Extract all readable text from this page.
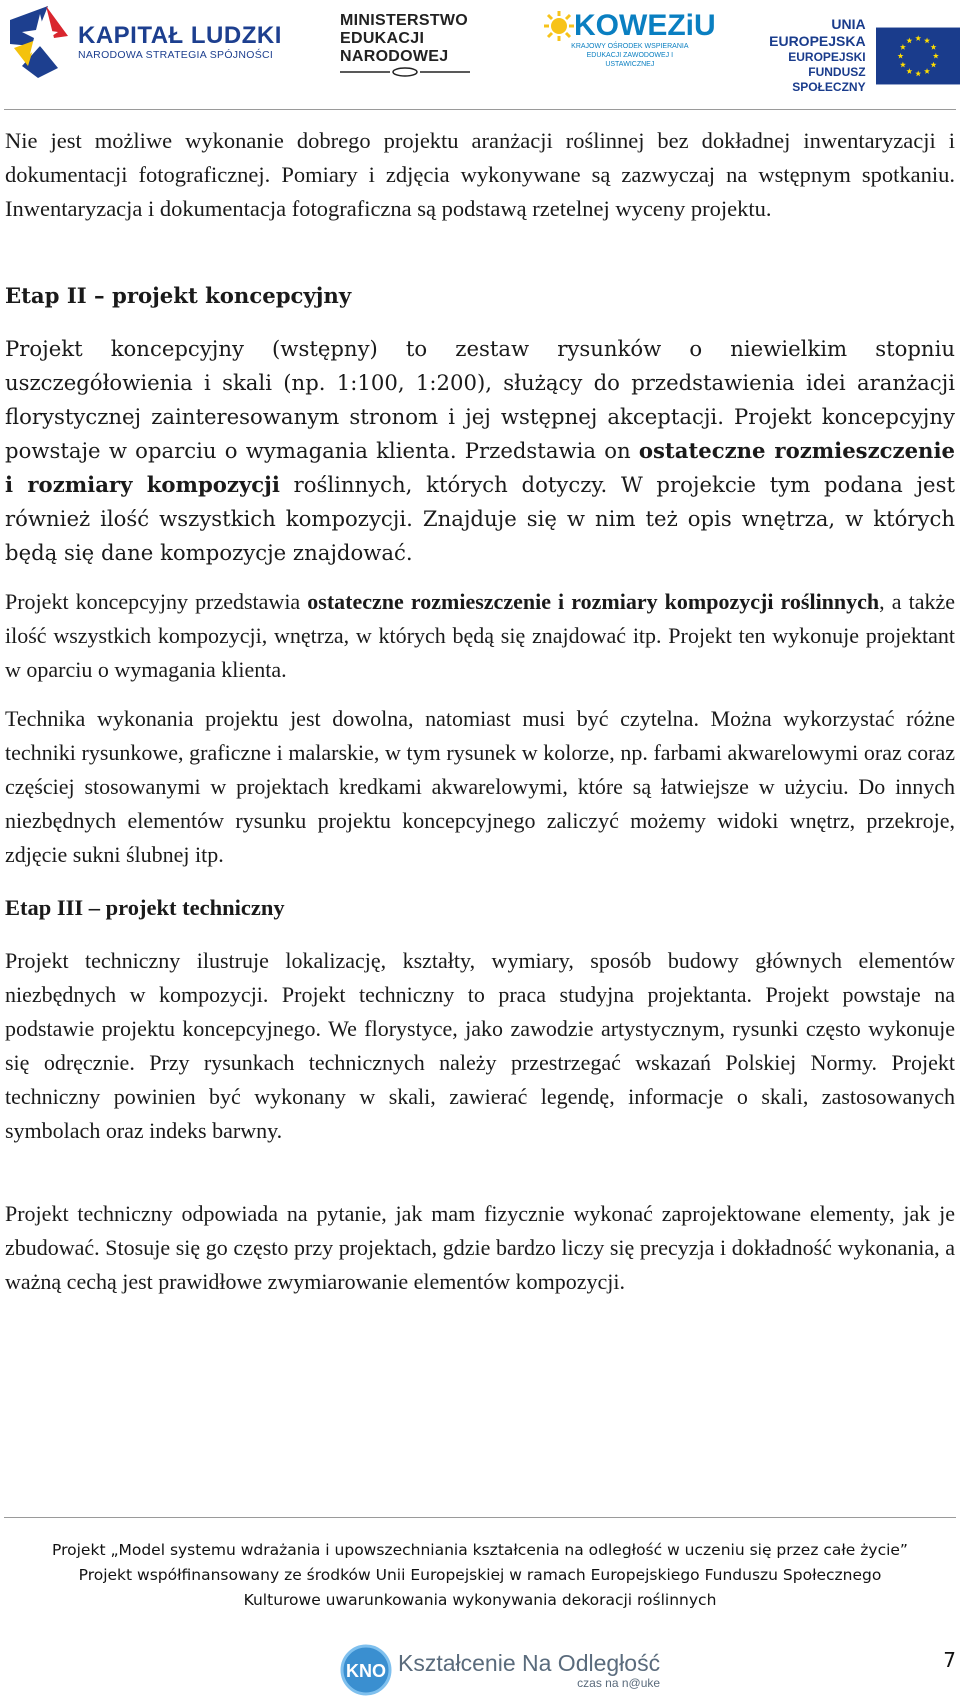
KAPITAŁ LUDZKI
NARODOWA STRATEGIA SPÓJNOŚCI
MINISTERSTWO
EDUKACJI
NARODOWEJ
KOWEZiU
KRAJOWY OŚRODEK WSPIERANIA EDUKACJI ZAWODOWEJ I USTAWICZNEJ
UNIA EUROPEJSKA
EUROPEJSKI
FUNDUSZ SPOŁECZNY

Nie jest możliwe wykonanie dobrego projektu aranżacji roślinnej bez dokładnej inwentaryzacji i dokumentacji fotograficznej. Pomiary i zdjęcia wykonywane są zazwyczaj na wstępnym spotkaniu. Inwentaryzacja i dokumentacja fotograficzna są podstawą rzetelnej wyceny projektu.

Etap II – projekt koncepcyjny

Projekt koncepcyjny (wstępny) to zestaw rysunków o niewielkim stopniu uszczegółowienia i skali (np. 1:100, 1:200), służący do przedstawienia idei aranżacji florystycznej zainteresowanym stronom i jej wstępnej akceptacji. Projekt koncepcyjny powstaje w oparciu o wymagania klienta. Przedstawia on ostateczne rozmieszczenie i rozmiary kompozycji roślinnych, których dotyczy. W projekcie tym podana jest również ilość wszystkich kompozycji. Znajduje się w nim też opis wnętrza, w których będą się dane kompozycje znajdować.

Projekt koncepcyjny przedstawia ostateczne rozmieszczenie i rozmiary kompozycji roślinnych, a także ilość wszystkich kompozycji, wnętrza, w których będą się znajdować itp. Projekt ten wykonuje projektant w oparciu o wymagania klienta.

Technika wykonania projektu jest dowolna, natomiast musi być czytelna. Można wykorzystać różne techniki rysunkowe, graficzne i malarskie, w tym rysunek w kolorze, np. farbami akwarelowymi oraz coraz częściej stosowanymi w projektach kredkami akwarelowymi, które są łatwiejsze w użyciu. Do innych niezbędnych elementów rysunku projektu koncepcyjnego zaliczyć możemy widoki wnętrz, przekroje, zdjęcie sukni ślubnej itp.

Etap III – projekt techniczny

Projekt techniczny ilustruje lokalizację, kształty, wymiary, sposób budowy głównych elementów niezbędnych w kompozycji. Projekt techniczny to praca studyjna projektanta. Projekt powstaje na podstawie projektu koncepcyjnego. We florystyce, jako zawodzie artystycznym, rysunki często wykonuje się odręcznie. Przy rysunkach technicznych należy przestrzegać wskazań Polskiej Normy. Projekt techniczny powinien być wykonany w skali, zawierać legendę, informacje o skali, zastosowanych symbolach oraz indeks barwny.

Projekt techniczny odpowiada na pytanie, jak mam fizycznie wykonać zaprojektowane elementy, jak je zbudować. Stosuje się go często przy projektach, gdzie bardzo liczy się precyzja i dokładność wykonania, a ważną cechą jest prawidłowe zwymiarowanie elementów kompozycji.

Projekt „Model systemu wdrażania i upowszechniania kształcenia na odległość w uczeniu się przez całe życie”
Projekt współfinansowany ze środków Unii Europejskiej w ramach Europejskiego Funduszu Społecznego
Kulturowe uwarunkowania wykonywania dekoracji roślinnych
7
KNO Kształcenie Na Odległość
czas na n@uke
